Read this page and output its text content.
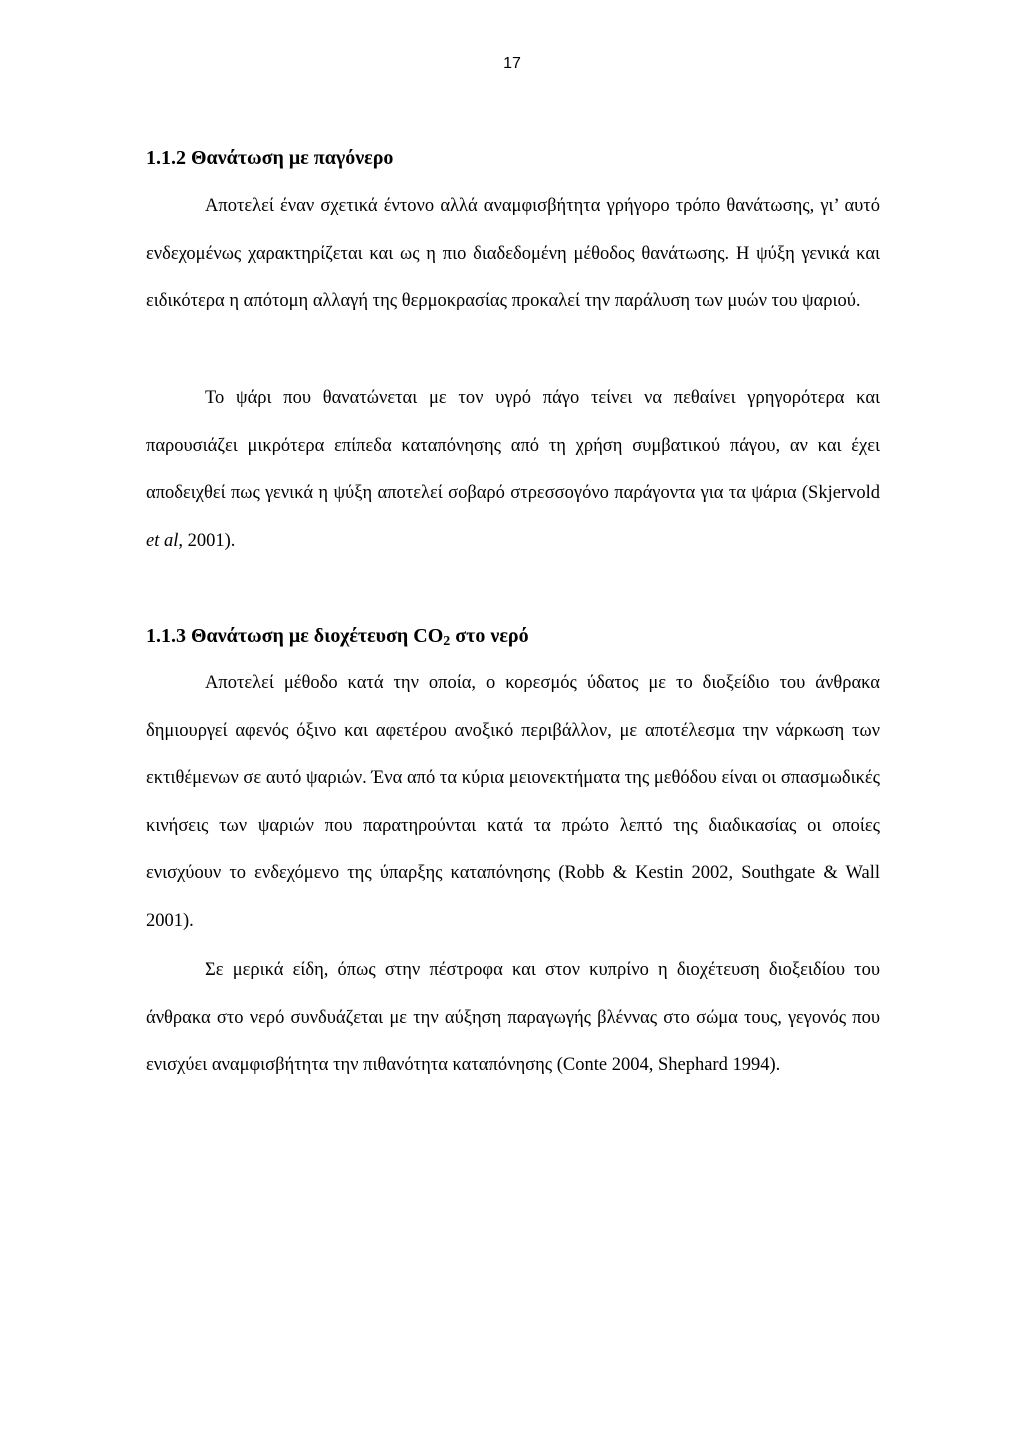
17
1.1.2 Θανάτωση με παγόνερο

Αποτελεί έναν σχετικά έντονο αλλά αναμφισβήτητα γρήγορο τρόπο θανάτωσης, γι’ αυτό ενδεχομένως χαρακτηρίζεται και ως η πιο διαδεδομένη μέθοδος θανάτωσης. Η ψύξη γενικά και ειδικότερα η απότομη αλλαγή της θερμοκρασίας προκαλεί την παράλυση των μυών του ψαριού.

Το ψάρι που θανατώνεται με τον υγρό πάγο τείνει να πεθαίνει γρηγορότερα και παρουσιάζει μικρότερα επίπεδα καταπόνησης από τη χρήση συμβατικού πάγου, αν και έχει αποδειχθεί πως γενικά η ψύξη αποτελεί σοβαρό στρεσσογόνο παράγοντα για τα ψάρια (Skjervold et al, 2001).

1.1.3 Θανάτωση με διοχέτευση $CO_2$ στο νερό

Αποτελεί μέθοδο κατά την οποία, ο κορεσμός ύδατος με το διοξείδιο του άνθρακα δημιουργεί αφενός όξινο και αφετέρου ανοξικό περιβάλλον, με αποτέλεσμα την νάρκωση των εκτιθέμενων σε αυτό ψαριών. Ένα από τα κύρια μειονεκτήματα της μεθόδου είναι οι σπασμωδικές κινήσεις των ψαριών που παρατηρούνται κατά τα πρώτο λεπτό της διαδικασίας οι οποίες ενισχύουν το ενδεχόμενο της ύπαρξης καταπόνησης (Robb & Kestin 2002, Southgate & Wall 2001).

Σε μερικά είδη, όπως στην πέστροφα και στον κυπρίνο η διοχέτευση διοξειδίου του άνθρακα στο νερό συνδυάζεται με την αύξηση παραγωγής βλέννας στο σώμα τους, γεγονός που ενισχύει αναμφισβήτητα την πιθανότητα καταπόνησης (Conte 2004, Shephard 1994).
